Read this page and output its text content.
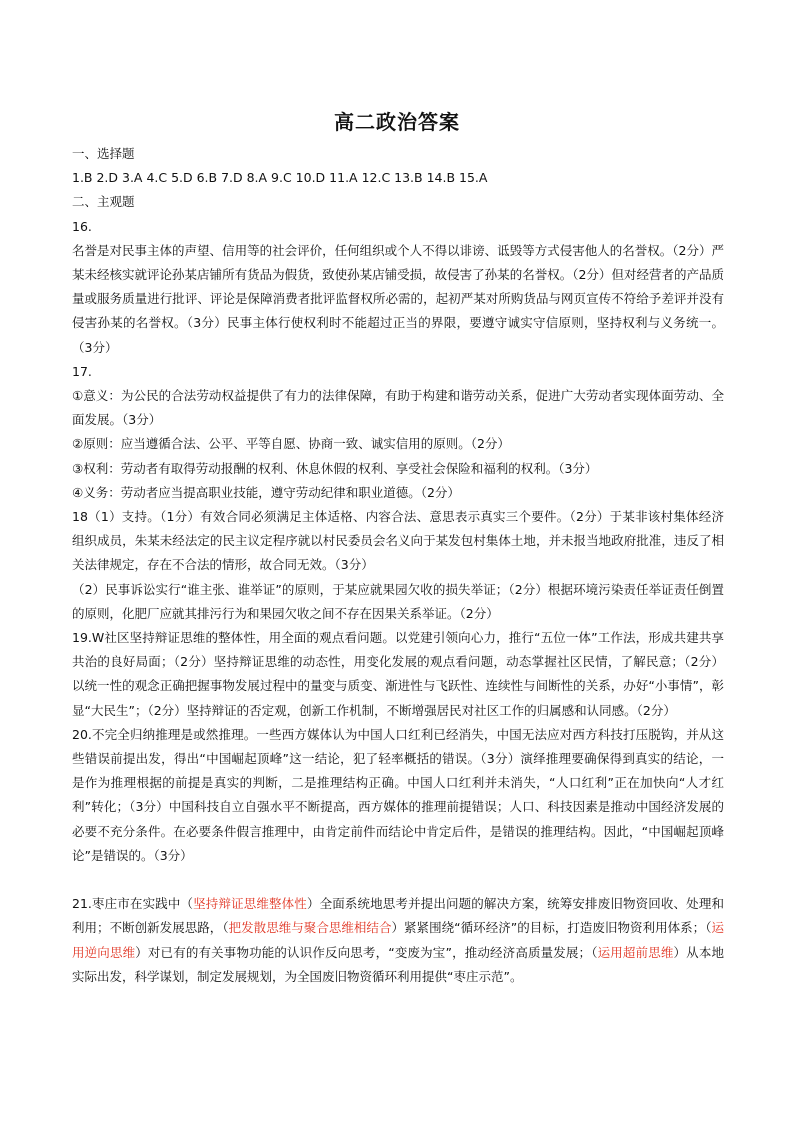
高二政治答案
一、选择题
1.B 2.D 3.A 4.C 5.D 6.B 7.D 8.A 9.C 10.D 11.A 12.C 13.B 14.B 15.A
二、主观题
16.
名誉是对民事主体的声望、信用等的社会评价，任何组织或个人不得以诽谤、诋毁等方式侵害他人的名誉权。（2分）严某未经核实就评论孙某店铺所有货品为假货，致使孙某店铺受损，故侵害了孙某的名誉权。（2分）但对经营者的产品质量或服务质量进行批评、评论是保障消费者批评监督权所必需的，起初严某对所购货品与网页宣传不符给予差评并没有侵害孙某的名誉权。（3分）民事主体行使权利时不能超过正当的界限，要遵守诚实守信原则，坚持权利与义务统一。（3分）
17.
①意义：为公民的合法劳动权益提供了有力的法律保障，有助于构建和谐劳动关系，促进广大劳动者实现体面劳动、全面发展。（3分）
②原则：应当遵循合法、公平、平等自愿、协商一致、诚实信用的原则。（2分）
③权利：劳动者有取得劳动报酬的权利、休息休假的权利、享受社会保险和福利的权利。（3分）
④义务：劳动者应当提高职业技能，遵守劳动纪律和职业道德。（2分）
18（1）支持。（1分）有效合同必须满足主体适格、内容合法、意思表示真实三个要件。（2分）于某非该村集体经济组织成员，朱某未经法定的民主议定程序就以村民委员会名义向于某发包村集体土地，并未报当地政府批准，违反了相关法律规定，存在不合法的情形，故合同无效。（3分）
（2）民事诉讼实行“谁主张、谁举证”的原则，于某应就果园欠收的损失举证；（2分）根据环境污染责任举证责任倒置的原则，化肥厂应就其排污行为和果园欠收之间不存在因果关系举证。（2分）
19.W社区坚持辩证思维的整体性，用全面的观点看问题。以党建引领向心力，推行“五位一体”工作法，形成共建共享共治的良好局面；（2分）坚持辩证思维的动态性，用变化发展的观点看问题，动态掌握社区民情，了解民意；（2分）以统一性的观念正确把握事物发展过程中的量变与质变、渐进性与飞跃性、连续性与间断性的关系，办好“小事情”，彰显“大民生”；（2分）坚持辩证的否定观，创新工作机制，不断增强居民对社区工作的归属感和认同感。（2分）
20.不完全归纳推理是或然推理。一些西方媒体认为中国人口红利已经消失，中国无法应对西方科技打压脱钩，并从这些错误前提出发，得出“中国崛起顶峰”这一结论，犯了轻率概括的错误。（3分）演绎推理要确保得到真实的结论，一是作为推理根据的前提是真实的判断，二是推理结构正确。中国人口红利并未消失，“人口红利”正在加快向“人才红利”转化；（3分）中国科技自立自强水平不断提高，西方媒体的推理前提错误；人口、科技因素是推动中国经济发展的必要不充分条件。在必要条件假言推理中，由肯定前件而结论中肯定后件，是错误的推理结构。因此，“中国崛起顶峰论”是错误的。（3分）
21.枣庄市在实践中（坚持辩证思维整体性）全面系统地思考并提出问题的解决方案，统筹安排废旧物资回收、处理和利用；不断创新发展思路，（把发散思维与聚合思维相结合）紧紧围绕“循环经济”的目标，打造废旧物资利用体系；（运用逆向思维）对已有的有关事物功能的认识作反向思考，“变废为宝”，推动经济高质量发展；（运用超前思维）从本地实际出发，科学谋划，制定发展规划，为全国废旧物资循环利用提供“枣庄示范”。
